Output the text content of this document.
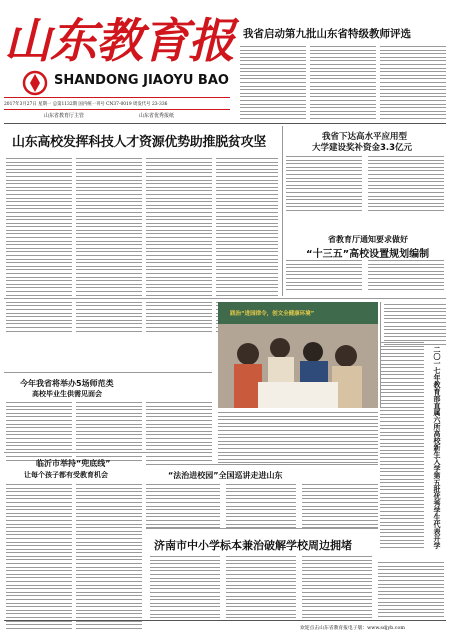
山东教育报
SHANDONG JIAOYU BAO
2017年3月27日 星期一 总第1132期 国内统一刊号 CN37-0019 周发代号 23-336
山东省教育厅主管	山东省优秀报纸
我省启动第九批山东省特级教师评选
山东高校发挥科技人才资源优势助推脱贫攻坚	我省下达高水平应用型
大学建设奖补资金3.3亿元
省教育厅通知要求做好
“十三五”高校设置规划编制
践治“进园律令，创文全健康环境”
二〇一七年教育部直属六所高校新生入学第五批优秀学生代表开学
今年我省将举办5场师范类
高校毕业生供需见面会
临沂市举持“兜底线”
让每个孩子都有受教育机会	“法治进校园”全国巡讲走进山东
济南市中小学标本兼治破解学校周边拥堵
欢迎点击山东省教育报电子版：www.sdjyb.com
